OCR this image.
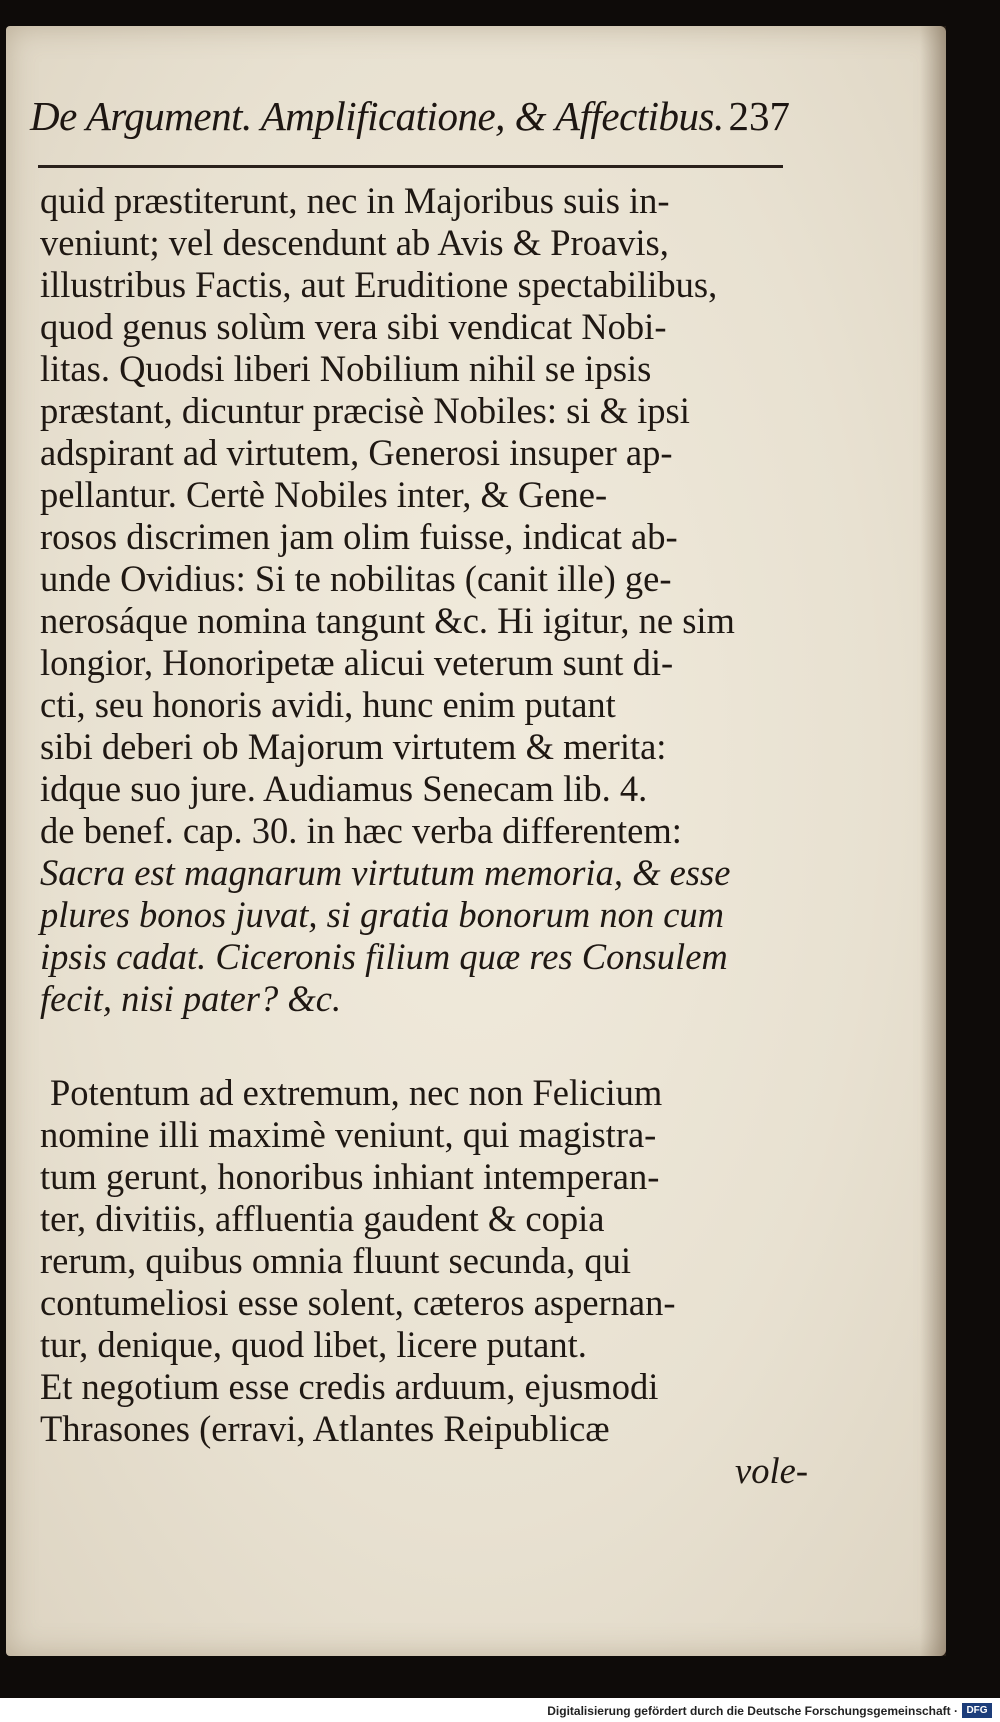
De Argument. Amplificatione, & Affectibus. 237
quid præstiterunt, nec in Majoribus suis in-
veniunt; vel descendunt ab Avis & Proavis,
illustribus Factis, aut Eruditione spectabilibus,
quod genus solùm vera sibi vendicat Nobi-
litas. Quodsi liberi Nobilium nihil se ipsis
præstant, dicuntur præcisè Nobiles: si & ipsi
adspirant ad virtutem, Generosi insuper ap-
pellantur. Certè Nobiles inter, & Gene-
rosos discrimen jam olim fuisse, indicat ab-
unde Ovidius: Si te nobilitas (canit ille) ge-
nerosáque nomina tangunt &c. Hi igitur, ne sim
longior, Honoripetæ alicui veterum sunt di-
cti, seu honoris avidi, hunc enim putant
sibi deberi ob Majorum virtutem & merita:
idque suo jure. Audiamus Senecam lib. 4.
de benef. cap. 30. in hæc verba differentem:
Sacra est magnarum virtutum memoria, & esse
plures bonos juvat, si gratia bonorum non cum
ipsis cadat. Ciceronis filium quæ res Consulem
fecit, nisi pater? &c.
Potentum ad extremum, nec non Felicium
nomine illi maximè veniunt, qui magistra-
tum gerunt, honoribus inhiant intemperan-
ter, divitiis, affluentia gaudent & copia
rerum, quibus omnia fluunt secunda, qui
contumeliosi esse solent, cæteros aspernan-
tur, denique, quod libet, licere putant.
Et negotium esse credis arduum, ejusmodi
Thrasones (erravi, Atlantes Reipublicæ
vole-
Digitalisierung gefördert durch die Deutsche Forschungsgemeinschaft · DFG
